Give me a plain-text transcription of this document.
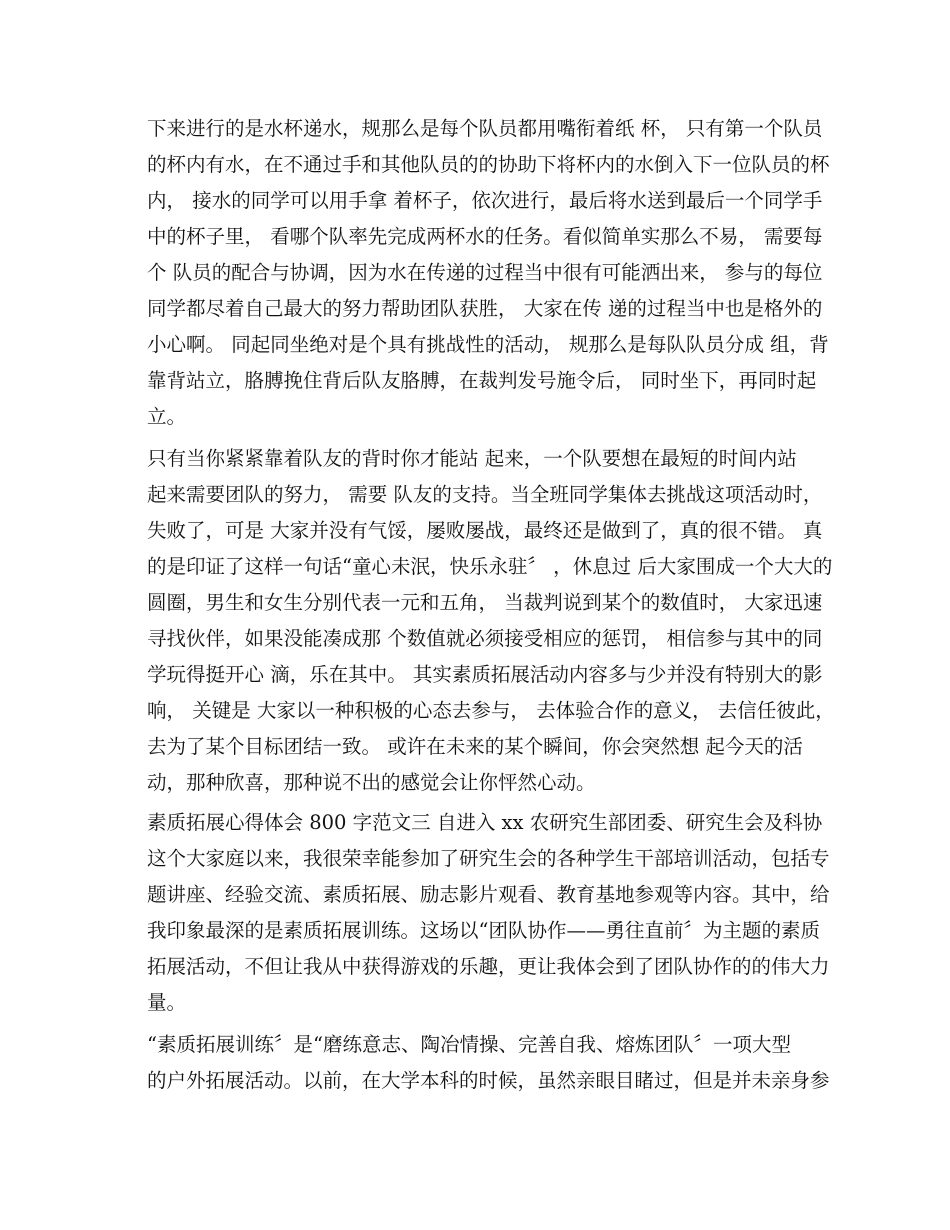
下来进行的是水杯递水，规那么是每个队员都用嘴衔着纸 杯， 只有第一个队员
的杯内有水，在不通过手和其他队员的的协助下将杯内的水倒入下一位队员的杯
内， 接水的同学可以用手拿 着杯子，依次进行，最后将水送到最后一个同学手
中的杯子里， 看哪个队率先完成两杯水的任务。看似简单实那么不易， 需要每
个 队员的配合与协调，因为水在传递的过程当中很有可能洒出来， 参与的每位
同学都尽着自己最大的努力帮助团队获胜， 大家在传 递的过程当中也是格外的
小心啊。 同起同坐绝对是个具有挑战性的活动， 规那么是每队队员分成 组，背
靠背站立，胳膊挽住背后队友胳膊，在裁判发号施令后， 同时坐下，再同时起
立。
只有当你紧紧靠着队友的背时你才能站 起来，一个队要想在最短的时间内站
起来需要团队的努力， 需要 队友的支持。当全班同学集体去挑战这项活动时，
失败了，可是 大家并没有气馁，屡败屡战，最终还是做到了，真的很不错。 真
的是印证了这样一句话“童心未泯，快乐永驻〞 ，休息过 后大家围成一个大大的
圆圈，男生和女生分别代表一元和五角， 当裁判说到某个的数值时， 大家迅速
寻找伙伴，如果没能凑成那 个数值就必须接受相应的惩罚， 相信参与其中的同
学玩得挺开心 滴，乐在其中。 其实素质拓展活动内容多与少并没有特别大的影
响， 关键是 大家以一种积极的心态去参与， 去体验合作的意义， 去信任彼此，
去为了某个目标团结一致。 或许在未来的某个瞬间，你会突然想 起今天的活
动，那种欣喜，那种说不出的感觉会让你怦然心动。
素质拓展心得体会 800 字范文三 自进入 xx 农研究生部团委、研究生会及科协
这个大家庭以来，我很荣幸能参加了研究生会的各种学生干部培训活动，包括专
题讲座、经验交流、素质拓展、励志影片观看、教育基地参观等内容。其中，给
我印象最深的是素质拓展训练。这场以“团队协作——勇往直前〞为主题的素质
拓展活动，不但让我从中获得游戏的乐趣，更让我体会到了团队协作的的伟大力
量。
“素质拓展训练〞是“磨练意志、陶冶情操、完善自我、熔炼团队〞一项大型
的户外拓展活动。以前，在大学本科的时候，虽然亲眼目睹过，但是并未亲身参
